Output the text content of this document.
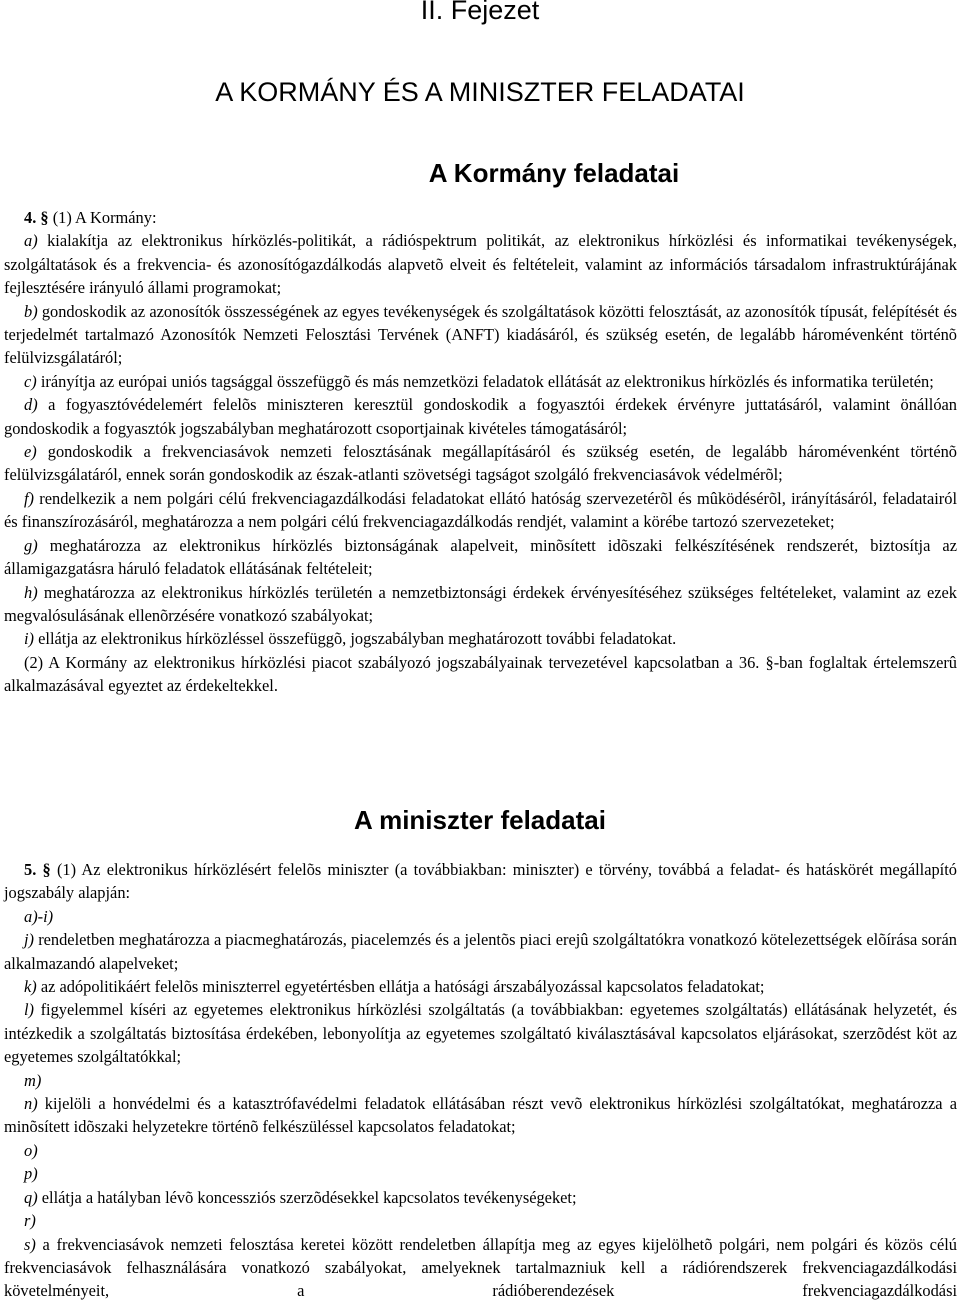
II. Fejezet
A KORMÁNY ÉS A MINISZTER FELADATAI
A Kormány feladatai

4. § (1) A Kormány:

a) kialakítja az elektronikus hírközlés-politikát, a rádióspektrum politikát, az elektronikus hírközlési és informatikai tevékenységek, szolgáltatások és a frekvencia- és azonosítógazdálkodás alapvetõ elveit és feltételeit, valamint az információs társadalom infrastruktúrájának fejlesztésére irányuló állami programokat;

b) gondoskodik az azonosítók összességének az egyes tevékenységek és szolgáltatások közötti felosztását, az azonosítók típusát, felépítését és terjedelmét tartalmazó Azonosítók Nemzeti Felosztási Tervének (ANFT) kiadásáról, és szükség esetén, de legalább háromévenként történõ felülvizsgálatáról;

c) irányítja az európai uniós tagsággal összefüggõ és más nemzetközi feladatok ellátását az elektronikus hírközlés és informatika területén;

d) a fogyasztóvédelemért felelõs miniszteren keresztül gondoskodik a fogyasztói érdekek érvényre juttatásáról, valamint önállóan gondoskodik a fogyasztók jogszabályban meghatározott csoportjainak kivételes támogatásáról;

e) gondoskodik a frekvenciasávok nemzeti felosztásának megállapításáról és szükség esetén, de legalább háromévenként történõ felülvizsgálatáról, ennek során gondoskodik az észak-atlanti szövetségi tagságot szolgáló frekvenciasávok védelmérõl;

f) rendelkezik a nem polgári célú frekvenciagazdálkodási feladatokat ellátó hatóság szervezetérõl és mûködésérõl, irányításáról, feladatairól és finanszírozásáról, meghatározza a nem polgári célú frekvenciagazdálkodás rendjét, valamint a körébe tartozó szervezeteket;

g) meghatározza az elektronikus hírközlés biztonságának alapelveit, minõsített idõszaki felkészítésének rendszerét, biztosítja az államigazgatásra háruló feladatok ellátásának feltételeit;

h) meghatározza az elektronikus hírközlés területén a nemzetbiztonsági érdekek érvényesítéséhez szükséges feltételeket, valamint az ezek megvalósulásának ellenõrzésére vonatkozó szabályokat;

i) ellátja az elektronikus hírközléssel összefüggõ, jogszabályban meghatározott további feladatokat.

(2) A Kormány az elektronikus hírközlési piacot szabályozó jogszabályainak tervezetével kapcsolatban a 36. §-ban foglaltak értelemszerû alkalmazásával egyeztet az érdekeltekkel.

A miniszter feladatai

5. § (1) Az elektronikus hírközlésért felelõs miniszter (a továbbiakban: miniszter) e törvény, továbbá a feladat- és hatáskörét megállapító jogszabály alapján:

a)-i)

j) rendeletben meghatározza a piacmeghatározás, piacelemzés és a jelentõs piaci erejû szolgáltatókra vonatkozó kötelezettségek elõírása során alkalmazandó alapelveket;

k) az adópolitikáért felelõs miniszterrel egyetértésben ellátja a hatósági árszabályozással kapcsolatos feladatokat;

l) figyelemmel kíséri az egyetemes elektronikus hírközlési szolgáltatás (a továbbiakban: egyetemes szolgáltatás) ellátásának helyzetét, és intézkedik a szolgáltatás biztosítása érdekében, lebonyolítja az egyetemes szolgáltató kiválasztásával kapcsolatos eljárásokat, szerzõdést köt az egyetemes szolgáltatókkal;

m)

n) kijelöli a honvédelmi és a katasztrófavédelmi feladatok ellátásában részt vevõ elektronikus hírközlési szolgáltatókat, meghatározza a minõsített idõszaki helyzetekre történõ felkészüléssel kapcsolatos feladatokat;

o)

p)

q) ellátja a hatályban lévõ koncessziós szerzõdésekkel kapcsolatos tevékenységeket;

r)

s) a frekvenciasávok nemzeti felosztása keretei között rendeletben állapítja meg az egyes kijelölhetõ polgári, nem polgári és közös célú frekvenciasávok felhasználására vonatkozó szabályokat, amelyeknek tartalmazniuk kell a rádiórendszerek frekvenciagazdálkodási követelményeit, a rádióberendezések frekvenciagazdálkodási
